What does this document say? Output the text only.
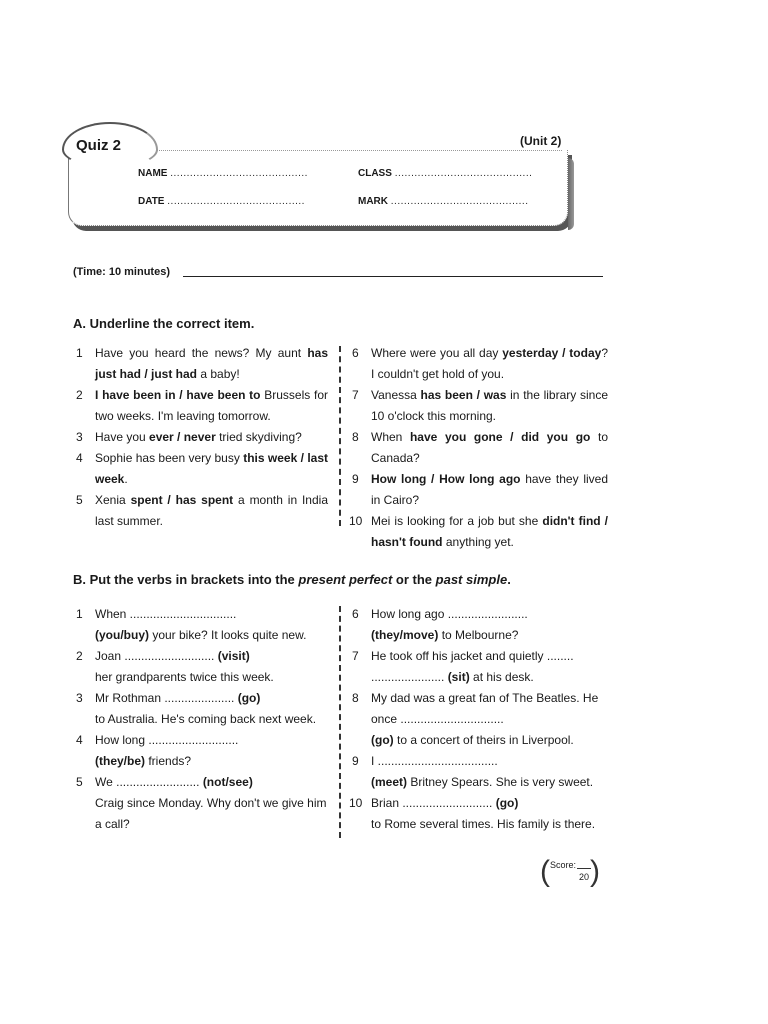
Quiz 2	(Unit 2)
NAME ..........................................	CLASS ..........................................
DATE ..........................................	MARK ..........................................
(Time: 10 minutes)
A. Underline the correct item.
1 Have you heard the news? My aunt has just had / just had a baby!
2 I have been in / have been to Brussels for two weeks. I'm leaving tomorrow.
3 Have you ever / never tried skydiving?
4 Sophie has been very busy this week / last week.
5 Xenia spent / has spent a month in India last summer.
6 Where were you all day yesterday / today? I couldn't get hold of you.
7 Vanessa has been / was in the library since 10 o'clock this morning.
8 When have you gone / did you go to Canada?
9 How long / How long ago have they lived in Cairo?
10 Mei is looking for a job but she didn't find / hasn't found anything yet.
B. Put the verbs in brackets into the present perfect or the past simple.
1 When ................................
(you/buy) your bike? It looks quite new.
2 Joan ........................... (visit)
her grandparents twice this week.
3 Mr Rothman ..................... (go)
to Australia. He's coming back next week.
4 How long ...........................
(they/be) friends?
5 We ......................... (not/see)
Craig since Monday. Why don't we give him a call?
6 How long ago ........................
(they/move) to Melbourne?
7 He took off his jacket and quietly ........
...................... (sit) at his desk.
8 My dad was a great fan of The Beatles. He once ...............................
(go) to a concert of theirs in Liverpool.
9 I ....................................
(meet) Britney Spears. She is very sweet.
10 Brian ........................... (go)
to Rome several times. His family is there.
( Score:
20 )
